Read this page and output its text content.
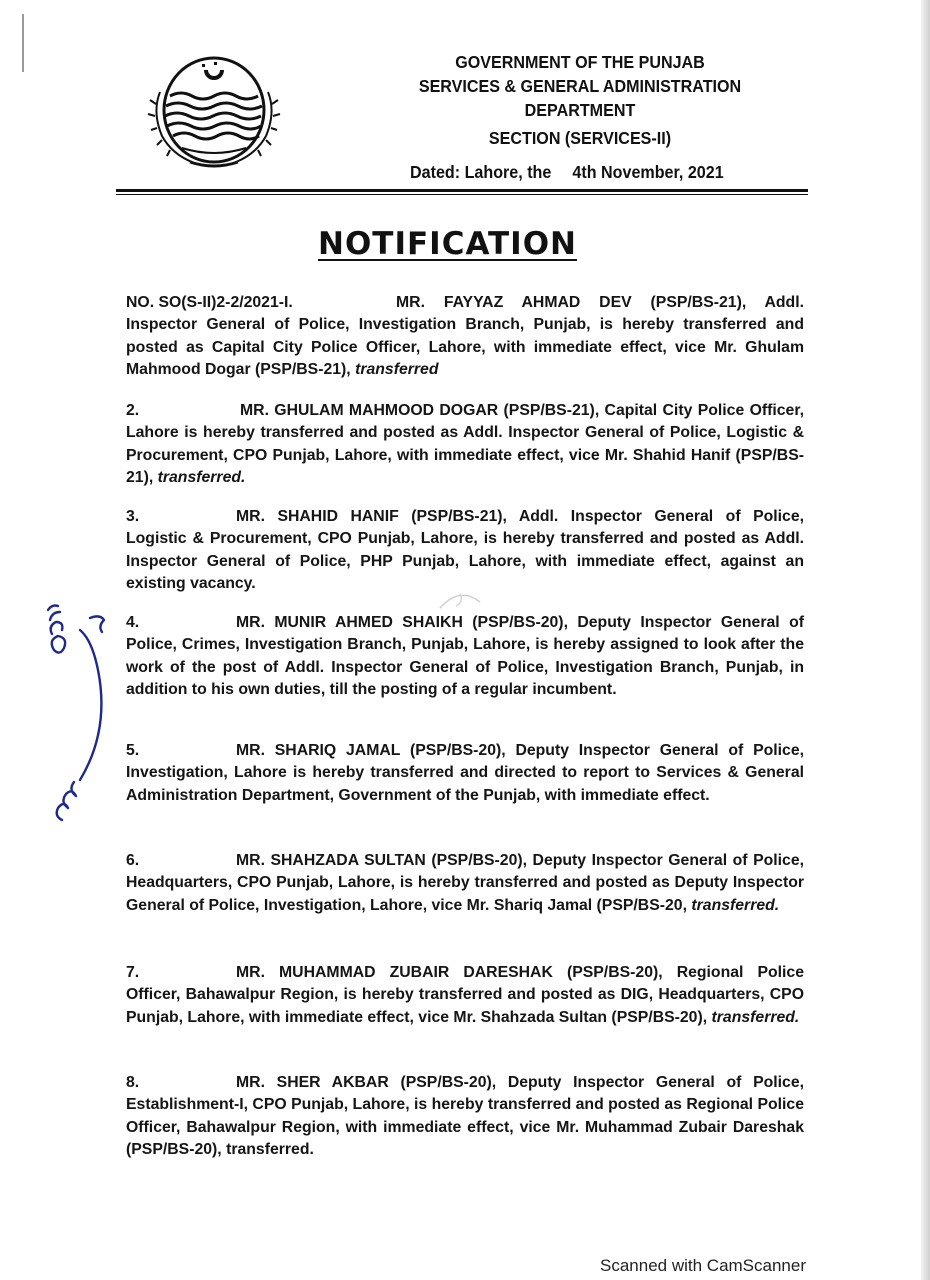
GOVERNMENT OF THE PUNJAB
SERVICES & GENERAL ADMINISTRATION
DEPARTMENT
SECTION (SERVICES-II)
Dated: Lahore, the 4th November, 2021
NOTIFICATION
NO. SO(S-II)2-2/2021-I.	MR. FAYYAZ AHMAD DEV (PSP/BS-21), Addl. Inspector General of Police, Investigation Branch, Punjab, is hereby transferred and posted as Capital City Police Officer, Lahore, with immediate effect, vice Mr. Ghulam Mahmood Dogar (PSP/BS-21), transferred
2.	MR. GHULAM MAHMOOD DOGAR (PSP/BS-21), Capital City Police Officer, Lahore is hereby transferred and posted as Addl. Inspector General of Police, Logistic & Procurement, CPO Punjab, Lahore, with immediate effect, vice Mr. Shahid Hanif (PSP/BS-21), transferred.
3.	MR. SHAHID HANIF (PSP/BS-21), Addl. Inspector General of Police, Logistic & Procurement, CPO Punjab, Lahore, is hereby transferred and posted as Addl. Inspector General of Police, PHP Punjab, Lahore, with immediate effect, against an existing vacancy.
4.	MR. MUNIR AHMED SHAIKH (PSP/BS-20), Deputy Inspector General of Police, Crimes, Investigation Branch, Punjab, Lahore, is hereby assigned to look after the work of the post of Addl. Inspector General of Police, Investigation Branch, Punjab, in addition to his own duties, till the posting of a regular incumbent.
5.	MR. SHARIQ JAMAL (PSP/BS-20), Deputy Inspector General of Police, Investigation, Lahore is hereby transferred and directed to report to Services & General Administration Department, Government of the Punjab, with immediate effect.
6.	MR. SHAHZADA SULTAN (PSP/BS-20), Deputy Inspector General of Police, Headquarters, CPO Punjab, Lahore, is hereby transferred and posted as Deputy Inspector General of Police, Investigation, Lahore, vice Mr. Shariq Jamal (PSP/BS-20, transferred.
7.	MR. MUHAMMAD ZUBAIR DARESHAK (PSP/BS-20), Regional Police Officer, Bahawalpur Region, is hereby transferred and posted as DIG, Headquarters, CPO Punjab, Lahore, with immediate effect, vice Mr. Shahzada Sultan (PSP/BS-20), transferred.
8.	MR. SHER AKBAR (PSP/BS-20), Deputy Inspector General of Police, Establishment-I, CPO Punjab, Lahore, is hereby transferred and posted as Regional Police Officer, Bahawalpur Region, with immediate effect, vice Mr. Muhammad Zubair Dareshak (PSP/BS-20), transferred.
Scanned with CamScanner
